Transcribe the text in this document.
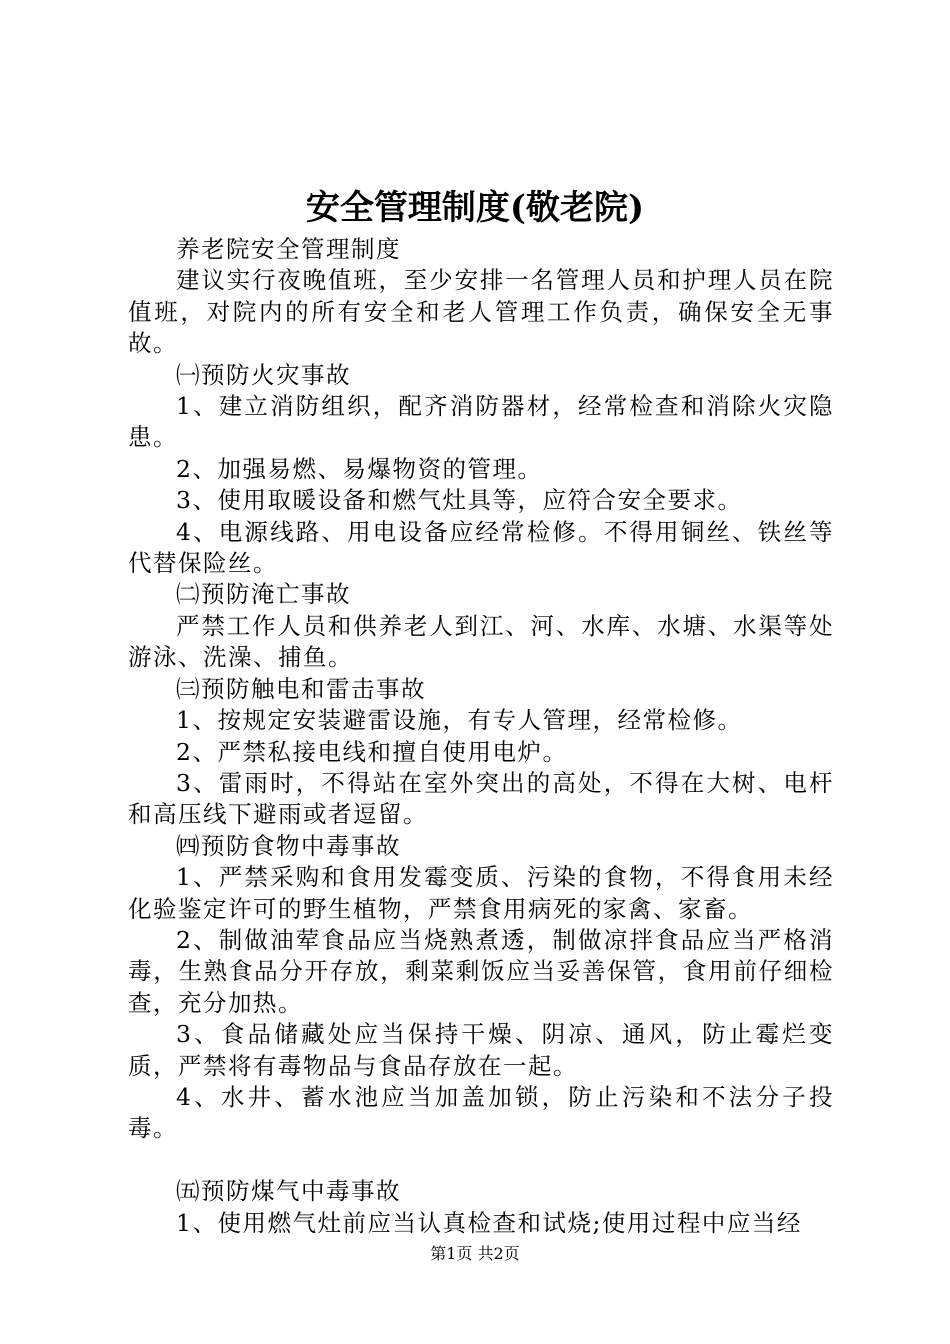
安全管理制度(敬老院)

养老院安全管理制度

建议实行夜晚值班，至少安排一名管理人员和护理人员在院值班，对院内的所有安全和老人管理工作负责，确保安全无事故。

㈠预防火灾事故

1、建立消防组织，配齐消防器材，经常检查和消除火灾隐患。

2、加强易燃、易爆物资的管理。

3、使用取暖设备和燃气灶具等，应符合安全要求。

4、电源线路、用电设备应经常检修。不得用铜丝、铁丝等代替保险丝。

㈡预防淹亡事故

严禁工作人员和供养老人到江、河、水库、水塘、水渠等处游泳、洗澡、捕鱼。

㈢预防触电和雷击事故

1、按规定安装避雷设施，有专人管理，经常检修。

2、严禁私接电线和擅自使用电炉。

3、雷雨时，不得站在室外突出的高处，不得在大树、电杆和高压线下避雨或者逗留。

㈣预防食物中毒事故

1、严禁采购和食用发霉变质、污染的食物，不得食用未经化验鉴定许可的野生植物，严禁食用病死的家禽、家畜。

2、制做油荤食品应当烧熟煮透，制做凉拌食品应当严格消毒，生熟食品分开存放，剩菜剩饭应当妥善保管，食用前仔细检查，充分加热。

3、食品储藏处应当保持干燥、阴凉、通风，防止霉烂变质，严禁将有毒物品与食品存放在一起。

4、水井、蓄水池应当加盖加锁，防止污染和不法分子投毒。

㈤预防煤气中毒事故

1、使用燃气灶前应当认真检查和试烧;使用过程中应当经

第1页 共2页
